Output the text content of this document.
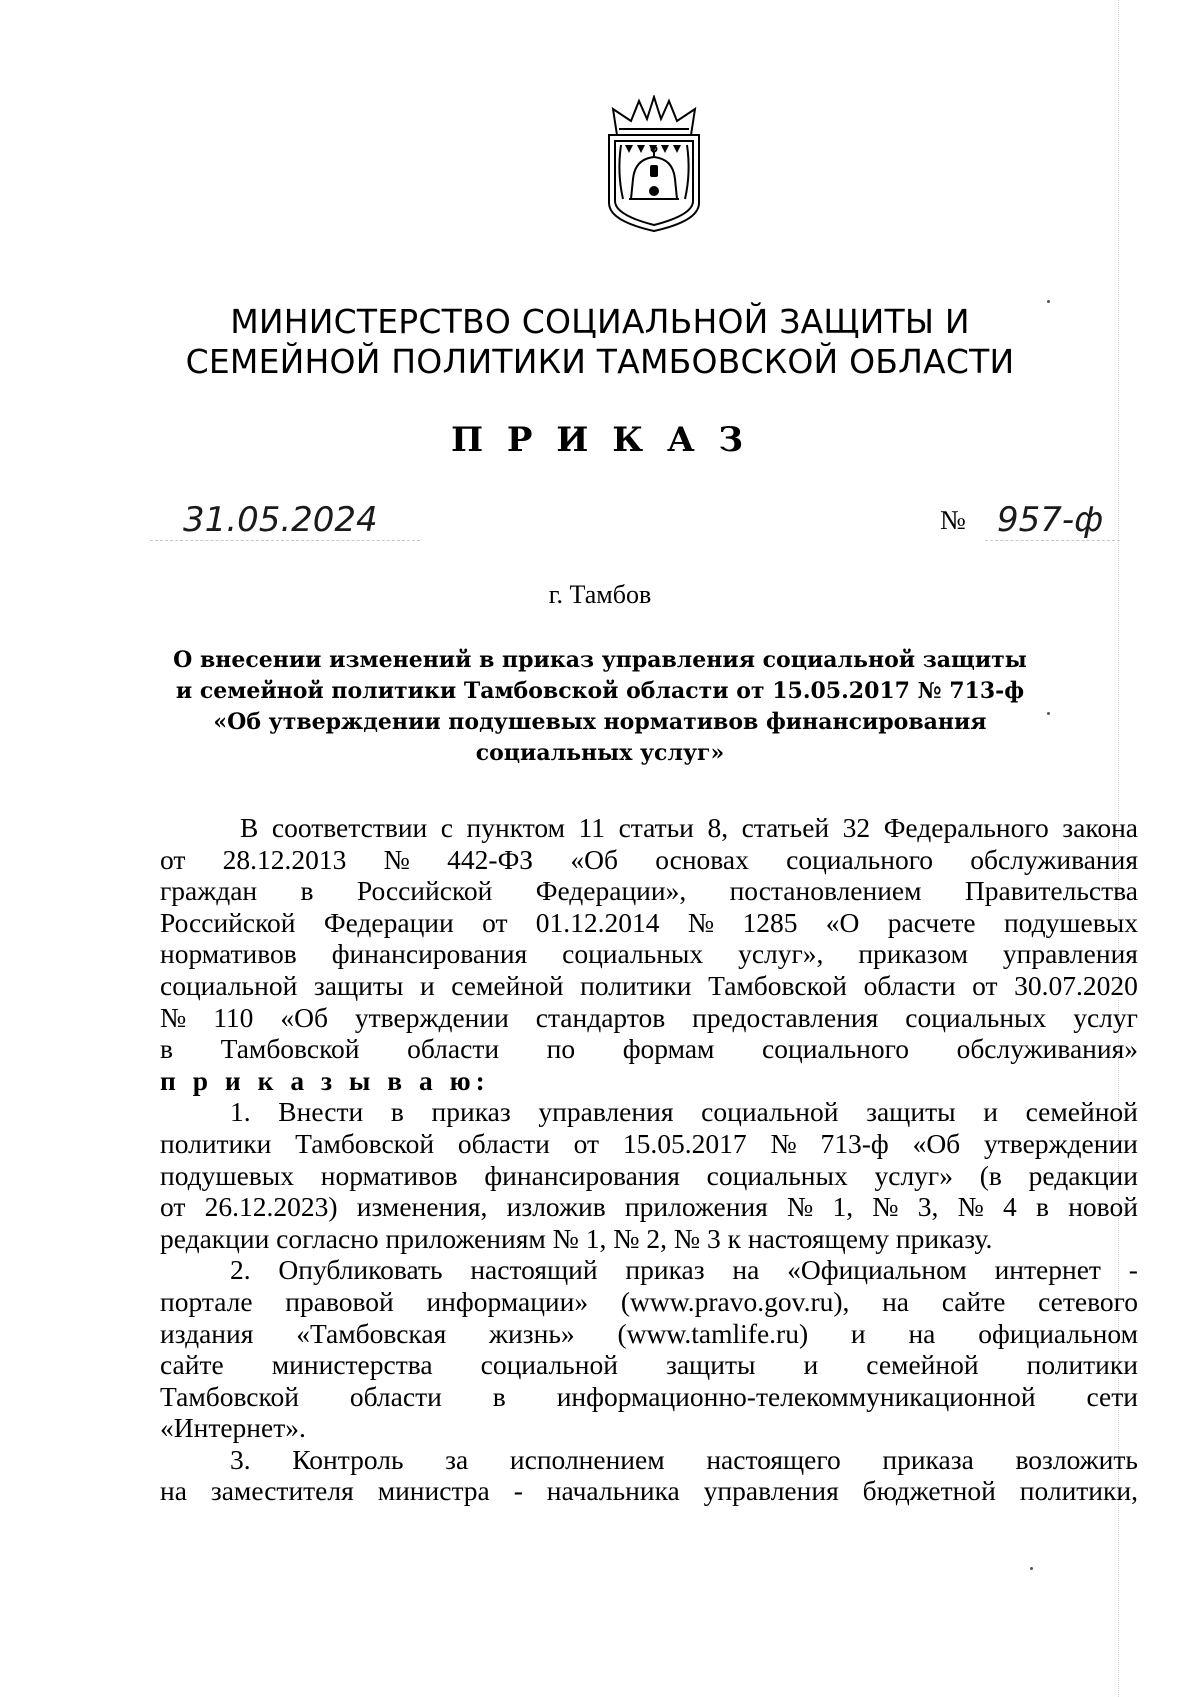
МИНИСТЕРСТВО СОЦИАЛЬНОЙ ЗАЩИТЫ И

СЕМЕЙНОЙ ПОЛИТИКИ ТАМБОВСКОЙ ОБЛАСТИ

П Р И К А З

31.05.2024	№ 957-ф

г. Тамбов

О внесении изменений в приказ управления социальной защиты
и семейной политики Тамбовской области от 15.05.2017 № 713-ф
«Об утверждении подушевых нормативов финансирования
социальных услуг»
В соответствии с пунктом 11 статьи 8, статьей 32 Федерального закона
от 28.12.2013 № 442-ФЗ «Об основах социального обслуживания
граждан в Российской Федерации», постановлением Правительства
Российской Федерации от 01.12.2014 № 1285 «О расчете подушевых
нормативов финансирования социальных услуг», приказом управления
социальной защиты и семейной политики Тамбовской области от 30.07.2020
№ 110 «Об утверждении стандартов предоставления социальных услуг
в Тамбовской области по формам социального обслуживания»
п р и к а з ы в а ю:
1. Внести в приказ управления социальной защиты и семейной
политики Тамбовской области от 15.05.2017 № 713-ф «Об утверждении
подушевых нормативов финансирования социальных услуг» (в редакции
от 26.12.2023) изменения, изложив приложения № 1, № 3, № 4 в новой
редакции согласно приложениям № 1, № 2, № 3 к настоящему приказу.
2. Опубликовать настоящий приказ на «Официальном интернет -
портале правовой информации» (www.pravo.gov.ru), на сайте сетевого
издания «Тамбовская жизнь» (www.tamlife.ru) и на официальном
сайте министерства социальной защиты и семейной политики
Тамбовской области в информационно-телекоммуникационной сети
«Интернет».
3. Контроль за исполнением настоящего приказа возложить
на заместителя министра - начальника управления бюджетной политики,
